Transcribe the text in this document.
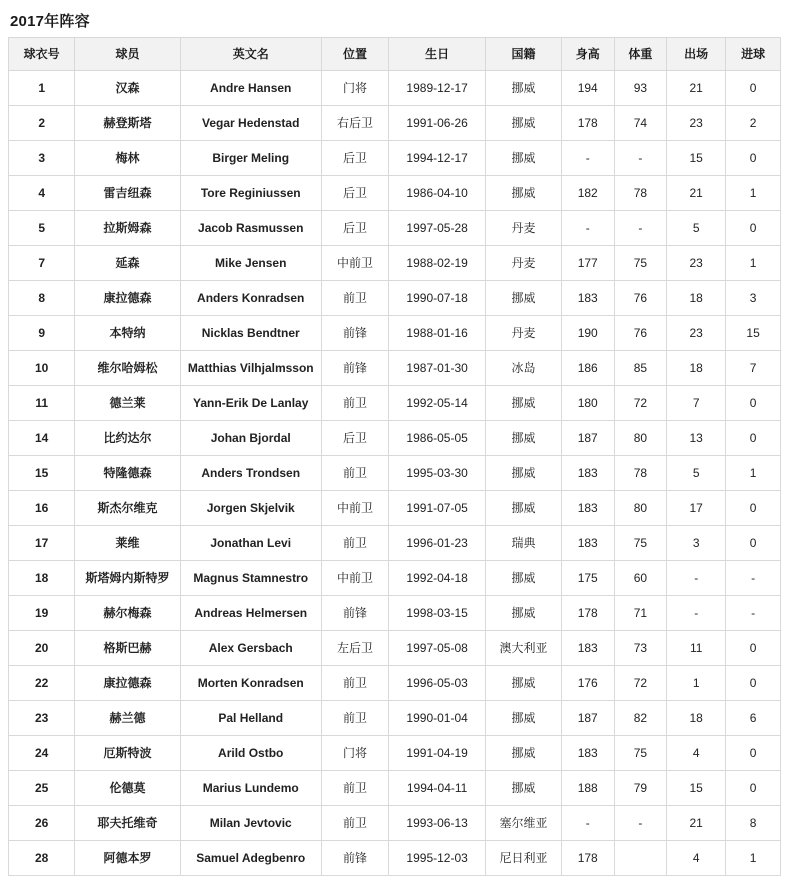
2017年阵容
球衣号	球员	英文名	位置	生日	国籍	身高	体重	出场	进球
1	汉森	Andre Hansen	门将	1989-12-17	挪威	194	93	21	0
2	赫登斯塔	Vegar Hedenstad	右后卫	1991-06-26	挪威	178	74	23	2
3	梅林	Birger Meling	后卫	1994-12-17	挪威	-	-	15	0
4	雷吉纽森	Tore Reginiussen	后卫	1986-04-10	挪威	182	78	21	1
5	拉斯姆森	Jacob Rasmussen	后卫	1997-05-28	丹麦	-	-	5	0
7	延森	Mike Jensen	中前卫	1988-02-19	丹麦	177	75	23	1
8	康拉德森	Anders Konradsen	前卫	1990-07-18	挪威	183	76	18	3
9	本特纳	Nicklas Bendtner	前锋	1988-01-16	丹麦	190	76	23	15
10	维尔哈姆松	Matthias Vilhjalmsson	前锋	1987-01-30	冰岛	186	85	18	7
11	德兰莱	Yann-Erik De Lanlay	前卫	1992-05-14	挪威	180	72	7	0
14	比约达尔	Johan Bjordal	后卫	1986-05-05	挪威	187	80	13	0
15	特隆德森	Anders Trondsen	前卫	1995-03-30	挪威	183	78	5	1
16	斯杰尔维克	Jorgen Skjelvik	中前卫	1991-07-05	挪威	183	80	17	0
17	莱维	Jonathan Levi	前卫	1996-01-23	瑞典	183	75	3	0
18	斯塔姆内斯特罗	Magnus Stamnestro	中前卫	1992-04-18	挪威	175	60	-	-
19	赫尔梅森	Andreas Helmersen	前锋	1998-03-15	挪威	178	71	-	-
20	格斯巴赫	Alex Gersbach	左后卫	1997-05-08	澳大利亚	183	73	11	0
22	康拉德森	Morten Konradsen	前卫	1996-05-03	挪威	176	72	1	0
23	赫兰德	Pal Helland	前卫	1990-01-04	挪威	187	82	18	6
24	厄斯特波	Arild Ostbo	门将	1991-04-19	挪威	183	75	4	0
25	伦德莫	Marius Lundemo	前卫	1994-04-11	挪威	188	79	15	0
26	耶夫托维奇	Milan Jevtovic	前卫	1993-06-13	塞尔维亚	-	-	21	8
28	阿德本罗	Samuel Adegbenro	前锋	1995-12-03	尼日利亚	178		4	1
